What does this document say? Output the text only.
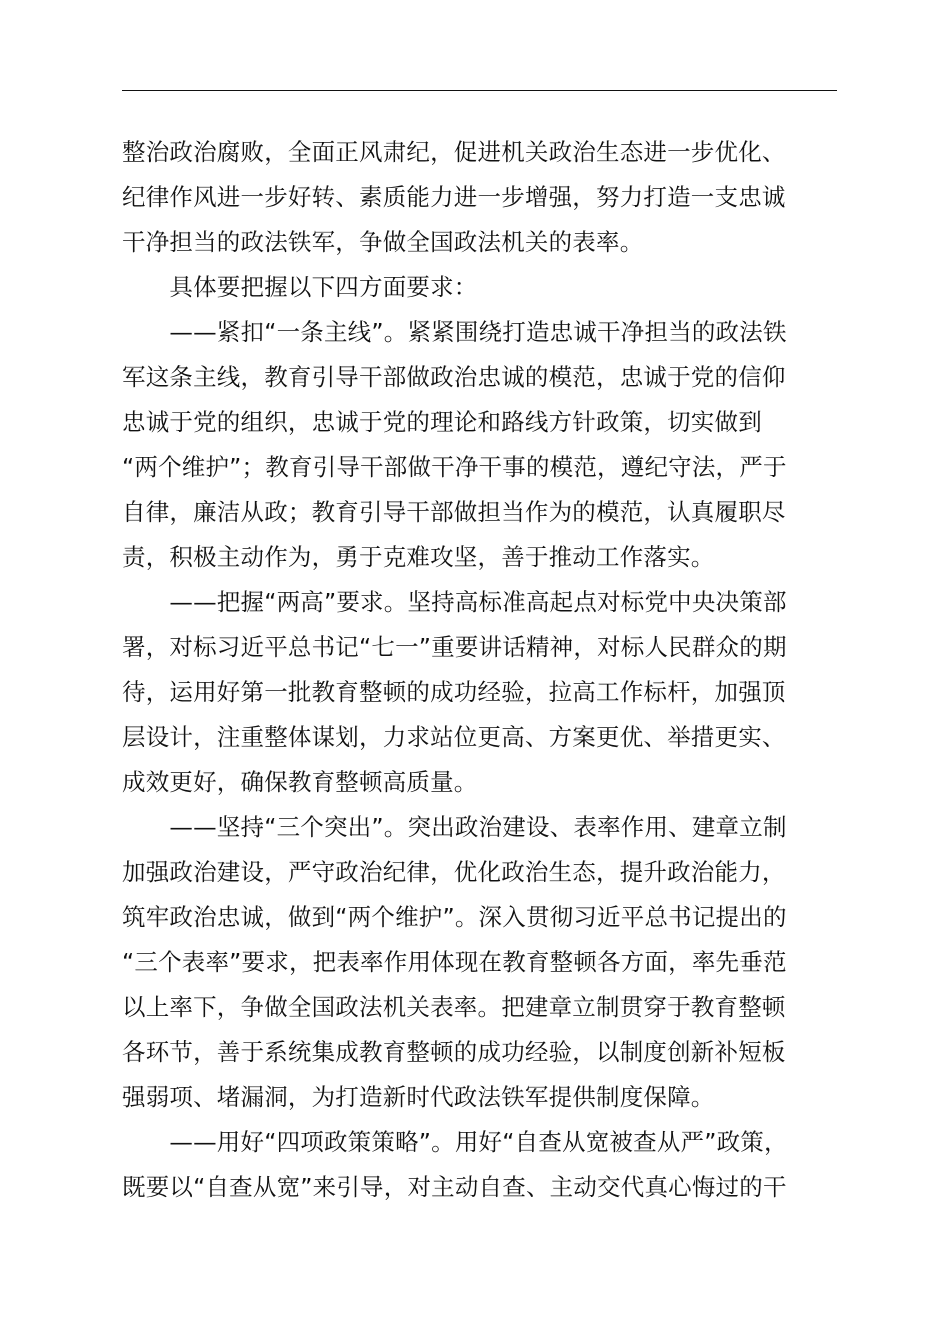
整治政治腐败，全面正风肃纪，促进机关政治生态进一步优化、
纪律作风进一步好转、素质能力进一步增强，努力打造一支忠诚
干净担当的政法铁军，争做全国政法机关的表率。
　　具体要把握以下四方面要求：
　　——紧扣“一条主线”。紧紧围绕打造忠诚干净担当的政法铁
军这条主线，教育引导干部做政治忠诚的模范，忠诚于党的信仰
忠诚于党的组织，忠诚于党的理论和路线方针政策，切实做到
“两个维护”；教育引导干部做干净干事的模范，遵纪守法，严于
自律，廉洁从政；教育引导干部做担当作为的模范，认真履职尽
责，积极主动作为，勇于克难攻坚，善于推动工作落实。
　　——把握“两高”要求。坚持高标准高起点对标党中央决策部
署，对标习近平总书记“七一”重要讲话精神，对标人民群众的期
待，运用好第一批教育整顿的成功经验，拉高工作标杆，加强顶
层设计，注重整体谋划，力求站位更高、方案更优、举措更实、
成效更好，确保教育整顿高质量。
　　——坚持“三个突出”。突出政治建设、表率作用、建章立制
加强政治建设，严守政治纪律，优化政治生态，提升政治能力，
筑牢政治忠诚，做到“两个维护”。深入贯彻习近平总书记提出的
“三个表率”要求，把表率作用体现在教育整顿各方面，率先垂范
以上率下，争做全国政法机关表率。把建章立制贯穿于教育整顿
各环节，善于系统集成教育整顿的成功经验，以制度创新补短板
强弱项、堵漏洞，为打造新时代政法铁军提供制度保障。
　　——用好“四项政策策略”。用好“自查从宽被查从严”政策，
既要以“自查从宽”来引导，对主动自查、主动交代真心悔过的干
